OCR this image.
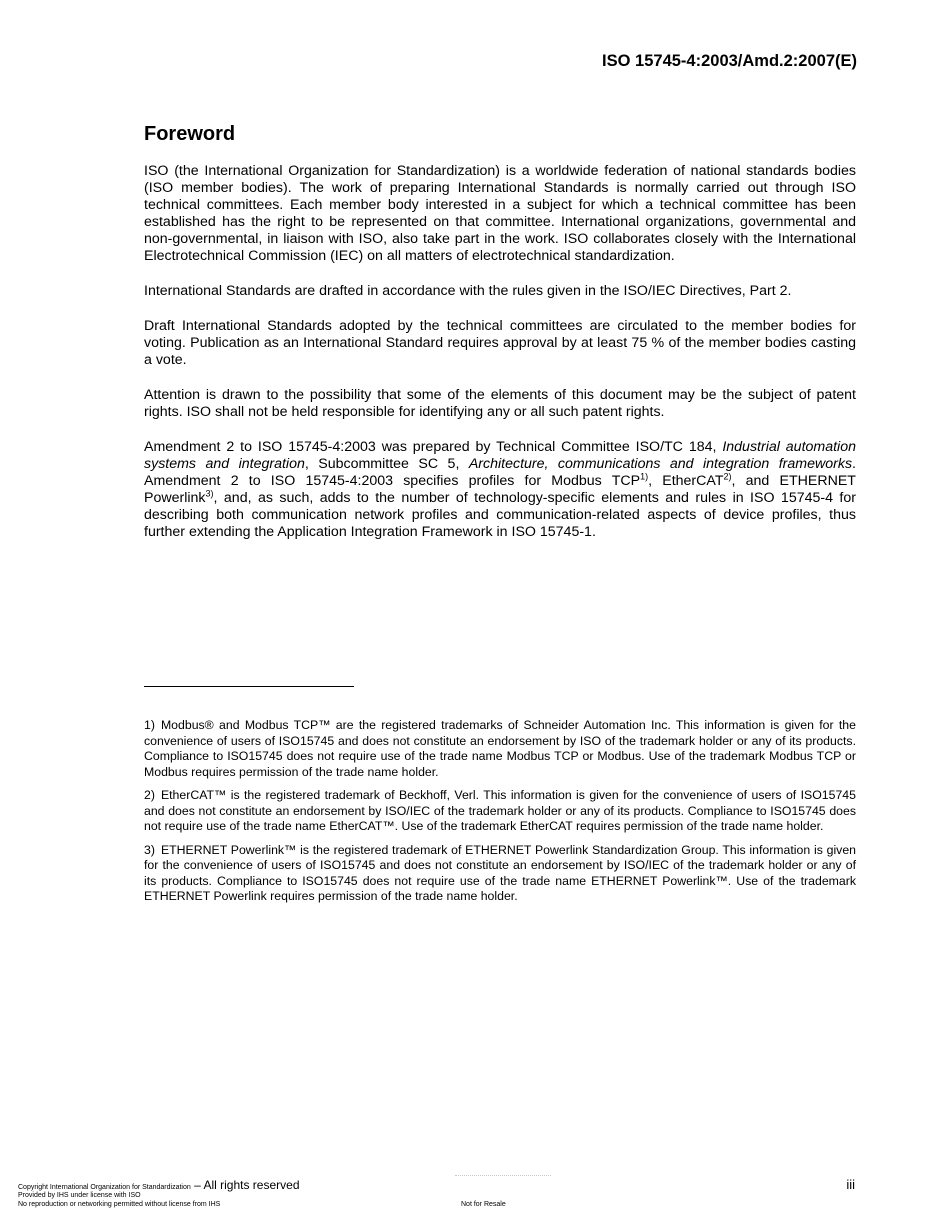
ISO 15745-4:2003/Amd.2:2007(E)
Foreword

ISO (the International Organization for Standardization) is a worldwide federation of national standards bodies (ISO member bodies). The work of preparing International Standards is normally carried out through ISO technical committees. Each member body interested in a subject for which a technical committee has been established has the right to be represented on that committee. International organizations, governmental and non-governmental, in liaison with ISO, also take part in the work. ISO collaborates closely with the International Electrotechnical Commission (IEC) on all matters of electrotechnical standardization.

International Standards are drafted in accordance with the rules given in the ISO/IEC Directives, Part 2.

Draft International Standards adopted by the technical committees are circulated to the member bodies for voting. Publication as an International Standard requires approval by at least 75 % of the member bodies casting a vote.

Attention is drawn to the possibility that some of the elements of this document may be the subject of patent rights. ISO shall not be held responsible for identifying any or all such patent rights.

Amendment 2 to ISO 15745-4:2003 was prepared by Technical Committee ISO/TC 184, Industrial automation systems and integration, Subcommittee SC 5, Architecture, communications and integration frameworks. Amendment 2 to ISO 15745-4:2003 specifies profiles for Modbus TCP$^{1)}$, EtherCAT$^{2)}$, and ETHERNET Powerlink$^{3)}$, and, as such, adds to the number of technology-specific elements and rules in ISO 15745-4 for describing both communication network profiles and communication-related aspects of device profiles, thus further extending the Application Integration Framework in ISO 15745-1.

1) Modbus® and Modbus TCP™ are the registered trademarks of Schneider Automation Inc. This information is given for the convenience of users of ISO15745 and does not constitute an endorsement by ISO of the trademark holder or any of its products. Compliance to ISO15745 does not require use of the trade name Modbus TCP or Modbus. Use of the trademark Modbus TCP or Modbus requires permission of the trade name holder.

2) EtherCAT™ is the registered trademark of Beckhoff, Verl. This information is given for the convenience of users of ISO15745 and does not constitute an endorsement by ISO/IEC of the trademark holder or any of its products. Compliance to ISO15745 does not require use of the trade name EtherCAT™. Use of the trademark EtherCAT requires permission of the trade name holder.

3) ETHERNET Powerlink™ is the registered trademark of ETHERNET Powerlink Standardization Group. This information is given for the convenience of users of ISO15745 and does not constitute an endorsement by ISO/IEC of the trademark holder or any of its products. Compliance to ISO15745 does not require use of the trade name ETHERNET Powerlink™. Use of the trademark ETHERNET Powerlink requires permission of the trade name holder.

Copyright International Organization for Standardization – All rights reserved
Provided by IHS under license with ISO
No reproduction or networking permitted without license from IHS	Not for Resale
iii
